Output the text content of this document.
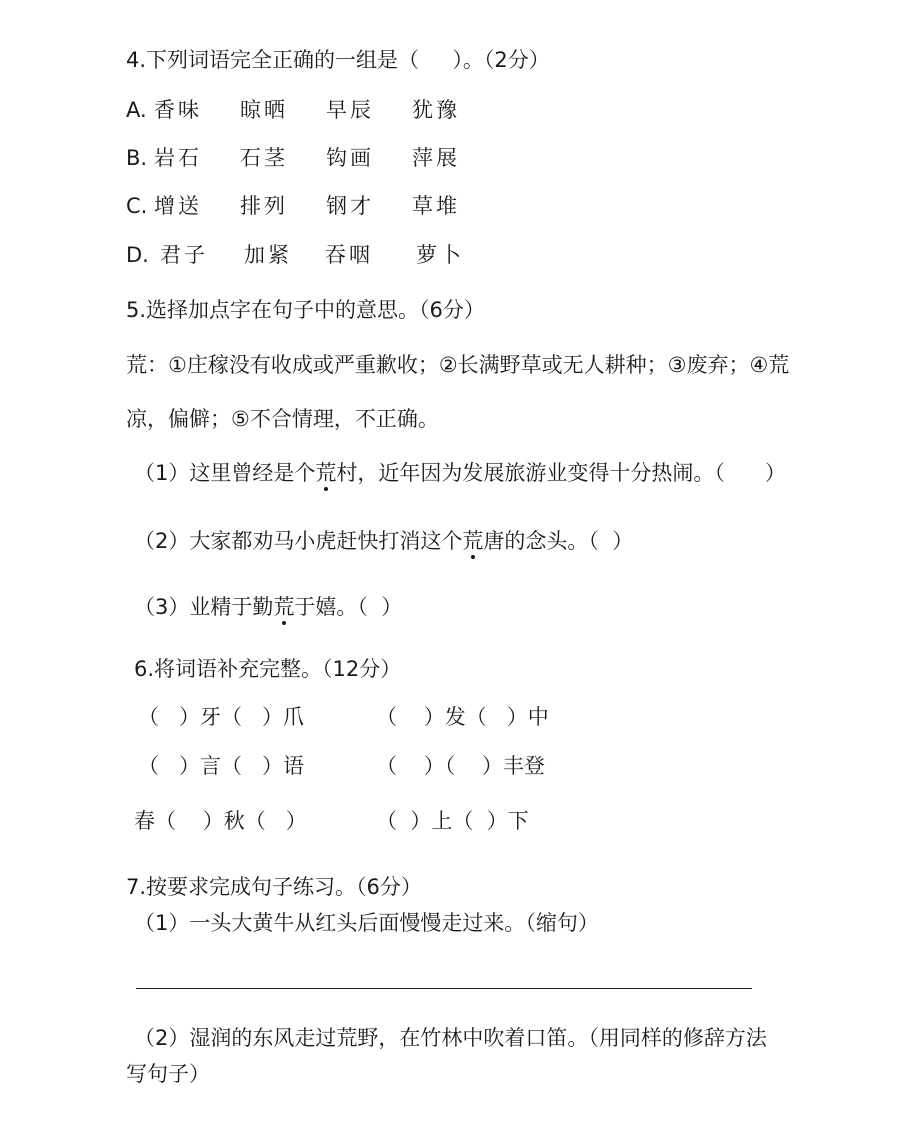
4.下列词语完全正确的一组是（     ）。（2分）
A. 香味 晾晒 早辰 犹豫
B. 岩石 石茎 钩画 萍展
C. 增送 排列 钢才 草堆
D. 君子 加紧 吞咽 萝卜
5.选择加点字在句子中的意思。（6分）
荒：①庄稼没有收成或严重歉收；②长满野草或无人耕种；③废弃；④荒
凉，偏僻；⑤不合情理，不正确。
（1）这里曾经是个荒村，近年因为发展旅游业变得十分热闹。（      ）
（2）大家都劝马小虎赶快打消这个荒唐的念头。（  ）
（3）业精于勤荒于嬉。（  ）
6.将词语补充完整。（12分）
（   ）牙（   ）爪	（    ）发（   ）中
（   ）言（   ）语	（    ）（    ）丰登
春（    ）秋（   ）	（  ）上（  ）下
7.按要求完成句子练习。（6分）
（1）一头大黄牛从红头后面慢慢走过来。（缩句）
（2）湿润的东风走过荒野，在竹林中吹着口笛。（用同样的修辞方法
写句子）
